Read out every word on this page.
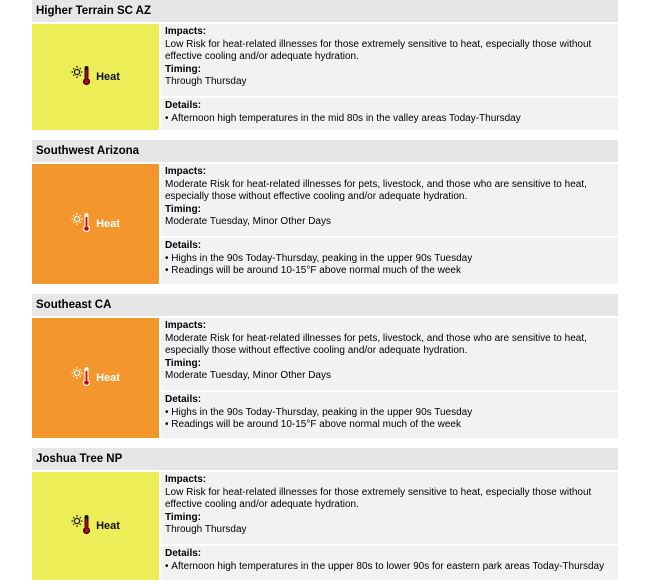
Higher Terrain SC AZ
Heat
Impacts:
Low Risk for heat-related illnesses for those extremely sensitive to heat, especially those without effective cooling and/or adequate hydration.
Timing:
Through Thursday
Details:
• Afternoon high temperatures in the mid 80s in the valley areas Today-Thursday
Southwest Arizona
Heat
Impacts:
Moderate Risk for heat-related illnesses for pets, livestock, and those who are sensitive to heat, especially those without effective cooling and/or adequate hydration.
Timing:
Moderate Tuesday, Minor Other Days
Details:
• Highs in the 90s Today-Thursday, peaking in the upper 90s Tuesday
• Readings will be around 10-15°F above normal much of the week
Southeast CA
Heat
Impacts:
Moderate Risk for heat-related illnesses for pets, livestock, and those who are sensitive to heat, especially those without effective cooling and/or adequate hydration.
Timing:
Moderate Tuesday, Minor Other Days
Details:
• Highs in the 90s Today-Thursday, peaking in the upper 90s Tuesday
• Readings will be around 10-15°F above normal much of the week
Joshua Tree NP
Heat
Impacts:
Low Risk for heat-related illnesses for those extremely sensitive to heat, especially those without effective cooling and/or adequate hydration.
Timing:
Through Thursday
Details:
• Afternoon high temperatures in the upper 80s to lower 90s for eastern park areas Today-Thursday
